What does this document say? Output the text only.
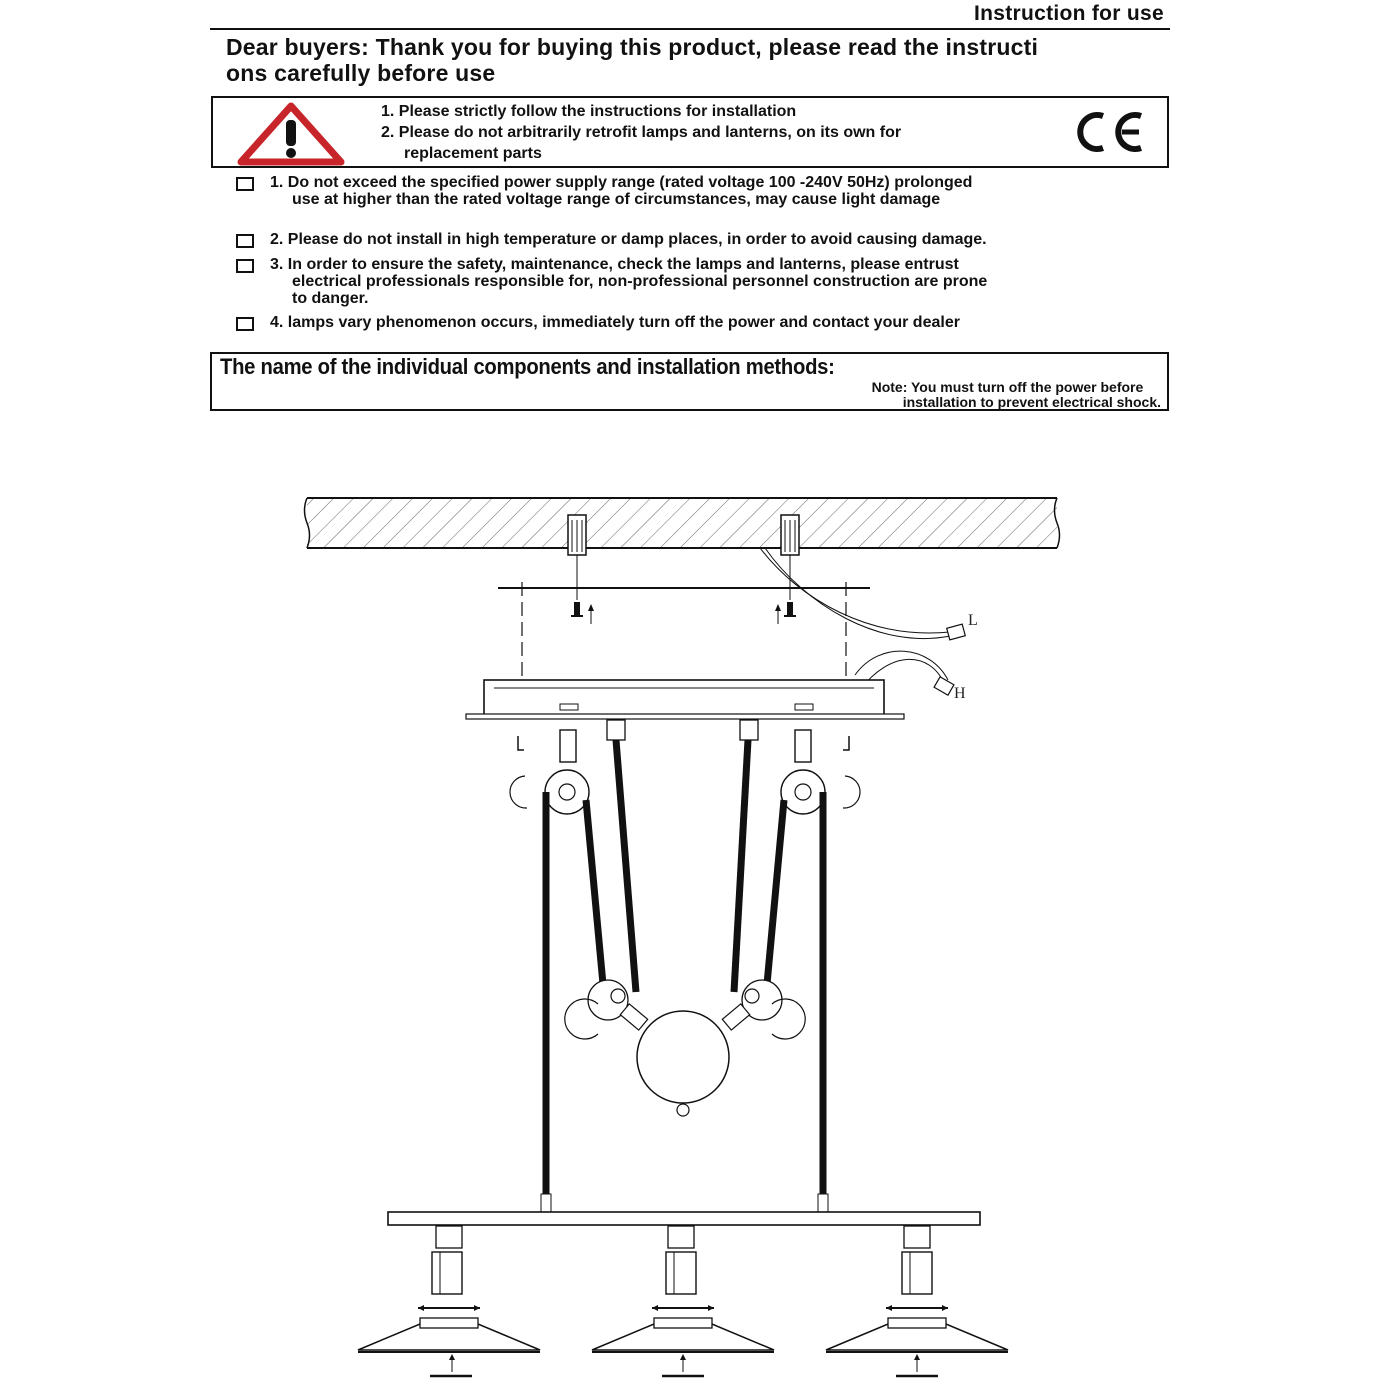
Instruction for use
Dear buyers: Thank you for buying this product, please read the instructi
ons carefully before use
1. Please strictly follow the instructions for installation
2. Please do not arbitrarily retrofit lamps and lanterns, on its own for
replacement parts
1. Do not exceed the specified power supply range (rated voltage 100 -240V 50Hz) prolonged
use at higher than the rated voltage range of circumstances, may cause light damage
2. Please do not install in high temperature or damp places, in order to avoid causing damage.
3. In order to ensure the safety, maintenance, check the lamps and lanterns, please entrust
electrical professionals responsible for, non-professional personnel construction are prone
to danger.
4. lamps vary phenomenon occurs, immediately turn off the power and contact your dealer
The name of the individual components and installation methods:
Note: You must turn off the power before
installation to prevent electrical shock.
L
H
